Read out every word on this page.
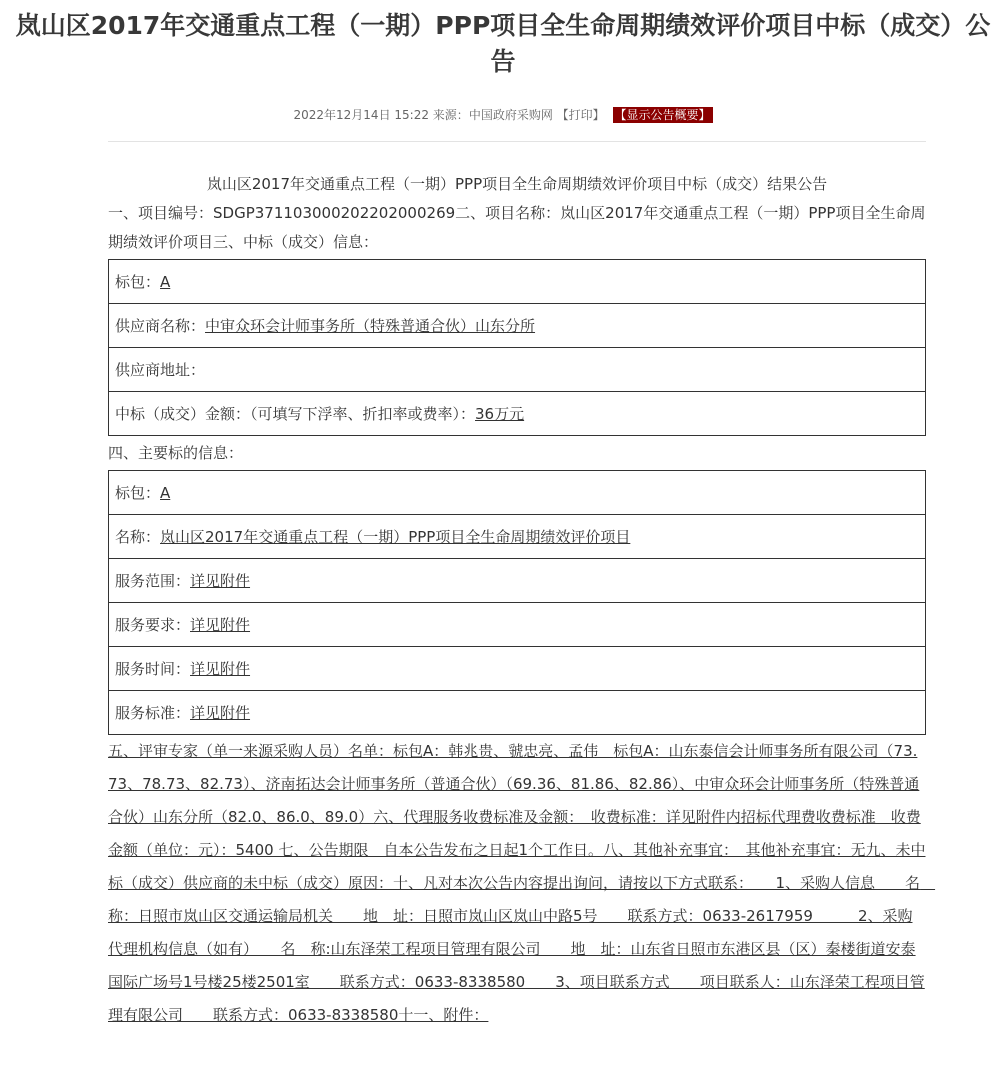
岚山区2017年交通重点工程（一期）PPP项目全生命周期绩效评价项目中标（成交）公告
2022年12月14日 15:22 来源：中国政府采购网 【打印】 【显示公告概要】

岚山区2017年交通重点工程（一期）PPP项目全生命周期绩效评价项目中标（成交）结果公告

一、项目编号：SDGP371103000202202000269二、项目名称：岚山区2017年交通重点工程（一期）PPP项目全生命周期绩效评价项目三、中标（成交）信息：

标包：A
供应商名称：中审众环会计师事务所（特殊普通合伙）山东分所
供应商地址：
中标（成交）金额：（可填写下浮率、折扣率或费率）：36万元

四、主要标的信息：

标包：A
名称：岚山区2017年交通重点工程（一期）PPP项目全生命周期绩效评价项目
服务范围：详见附件
服务要求：详见附件
服务时间：详见附件
服务标准：详见附件

五、评审专家（单一来源采购人员）名单：标包A：韩兆贵、虢忠亮、孟伟　标包A：山东泰信会计师事务所有限公司（73.73、78.73、82.73）、济南拓达会计师事务所（普通合伙）（69.36、81.86、82.86）、中审众环会计师事务所（特殊普通合伙）山东分所（82.0、86.0、89.0）六、代理服务收费标准及金额：　收费标准：详见附件内招标代理费收费标准　收费金额（单位：元）：5400 七、公告期限　自本公告发布之日起1个工作日。八、其他补充事宜：　其他补充事宜：无九、未中标（成交）供应商的未中标（成交）原因：十、凡对本次公告内容提出询问，请按以下方式联系：　　1、采购人信息　　名　称：日照市岚山区交通运输局机关　　地　址：日照市岚山区岚山中路5号　　联系方式：0633-2617959　　　2、采购代理机构信息（如有）　　名　称:山东泽荣工程项目管理有限公司　　地　址：山东省日照市东港区县（区）秦楼街道安泰国际广场号1号楼25楼2501室　　联系方式：0633-8338580　　3、项目联系方式　　项目联系人：山东泽荣工程项目管理有限公司　　联系方式：0633-8338580十一、附件：
